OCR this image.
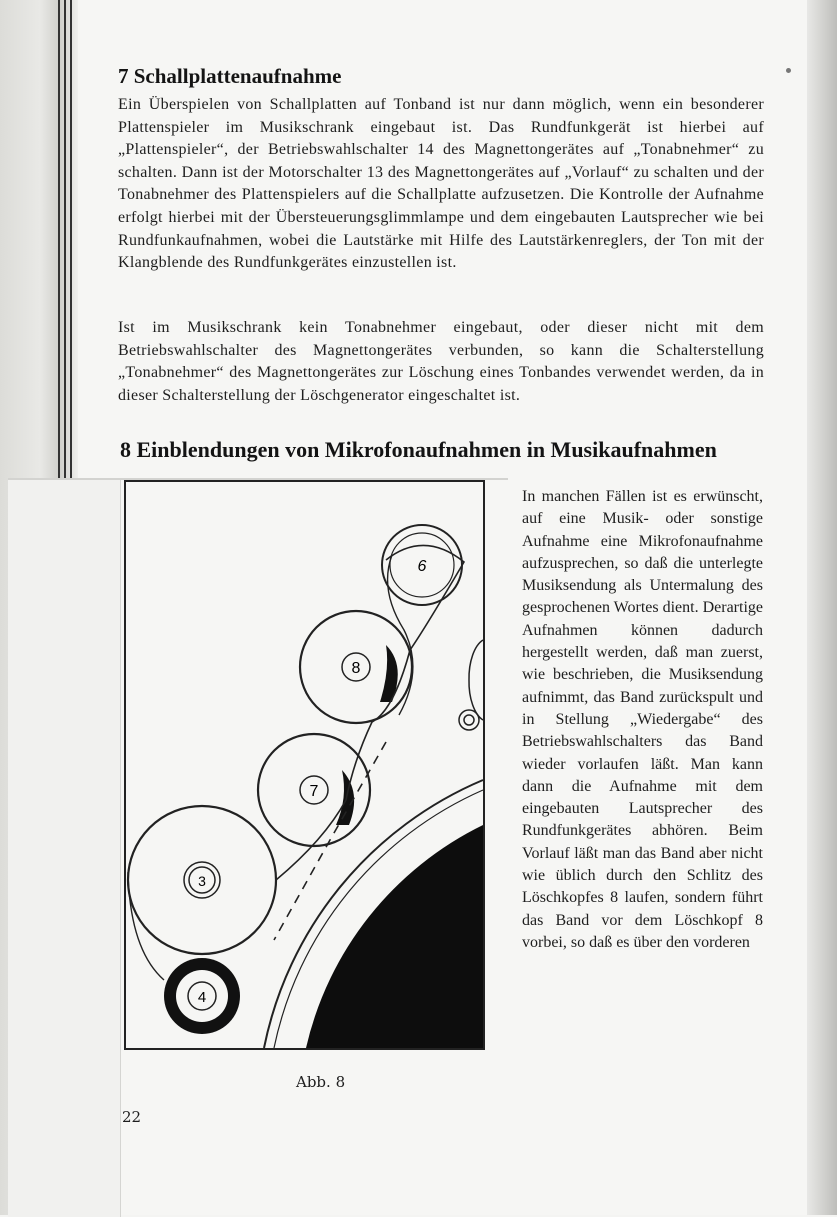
7 Schallplattenaufnahme
Ein Überspielen von Schallplatten auf Tonband ist nur dann möglich, wenn ein besonderer Plattenspieler im Musikschrank eingebaut ist. Das Rundfunkgerät ist hierbei auf „Plattenspieler“, der Betriebswahlschalter 14 des Magnettongerätes auf „Tonabnehmer“ zu schalten. Dann ist der Motorschalter 13 des Magnettongerätes auf „Vorlauf“ zu schalten und der Tonabnehmer des Plattenspielers auf die Schallplatte aufzusetzen. Die Kontrolle der Aufnahme erfolgt hierbei mit der Übersteuerungsglimmlampe und dem eingebauten Lautsprecher wie bei Rundfunkaufnahmen, wobei die Lautstärke mit Hilfe des Lautstärkenreglers, der Ton mit der Klangblende des Rundfunkgerätes einzustellen ist.
Ist im Musikschrank kein Tonabnehmer eingebaut, oder dieser nicht mit dem Betriebswahlschalter des Magnettongerätes verbunden, so kann die Schalterstellung „Tonabnehmer“ des Magnettongerätes zur Löschung eines Tonbandes verwendet werden, da in dieser Schalterstellung der Löschgenerator eingeschaltet ist.
8 Einblendungen von Mikrofonaufnahmen in Musikaufnahmen
6
8
7
3
4
Abb. 8
In manchen Fällen ist es erwünscht, auf eine Musik- oder sonstige Aufnahme eine Mikrofonaufnahme aufzusprechen, so daß die unterlegte Musiksendung als Untermalung des gesprochenen Wortes dient. Derartige Aufnahmen können dadurch hergestellt werden, daß man zuerst, wie beschrieben, die Musiksendung aufnimmt, das Band zurückspult und in Stellung „Wiedergabe“ des Betriebswahlschalters das Band wieder vorlaufen läßt. Man kann dann die Aufnahme mit dem eingebauten Lautsprecher des Rundfunkgerätes abhören. Beim Vorlauf läßt man das Band aber nicht wie üblich durch den Schlitz des Löschkopfes 8 laufen, sondern führt das Band vor dem Löschkopf 8 vorbei, so daß es über den vorderen
22
